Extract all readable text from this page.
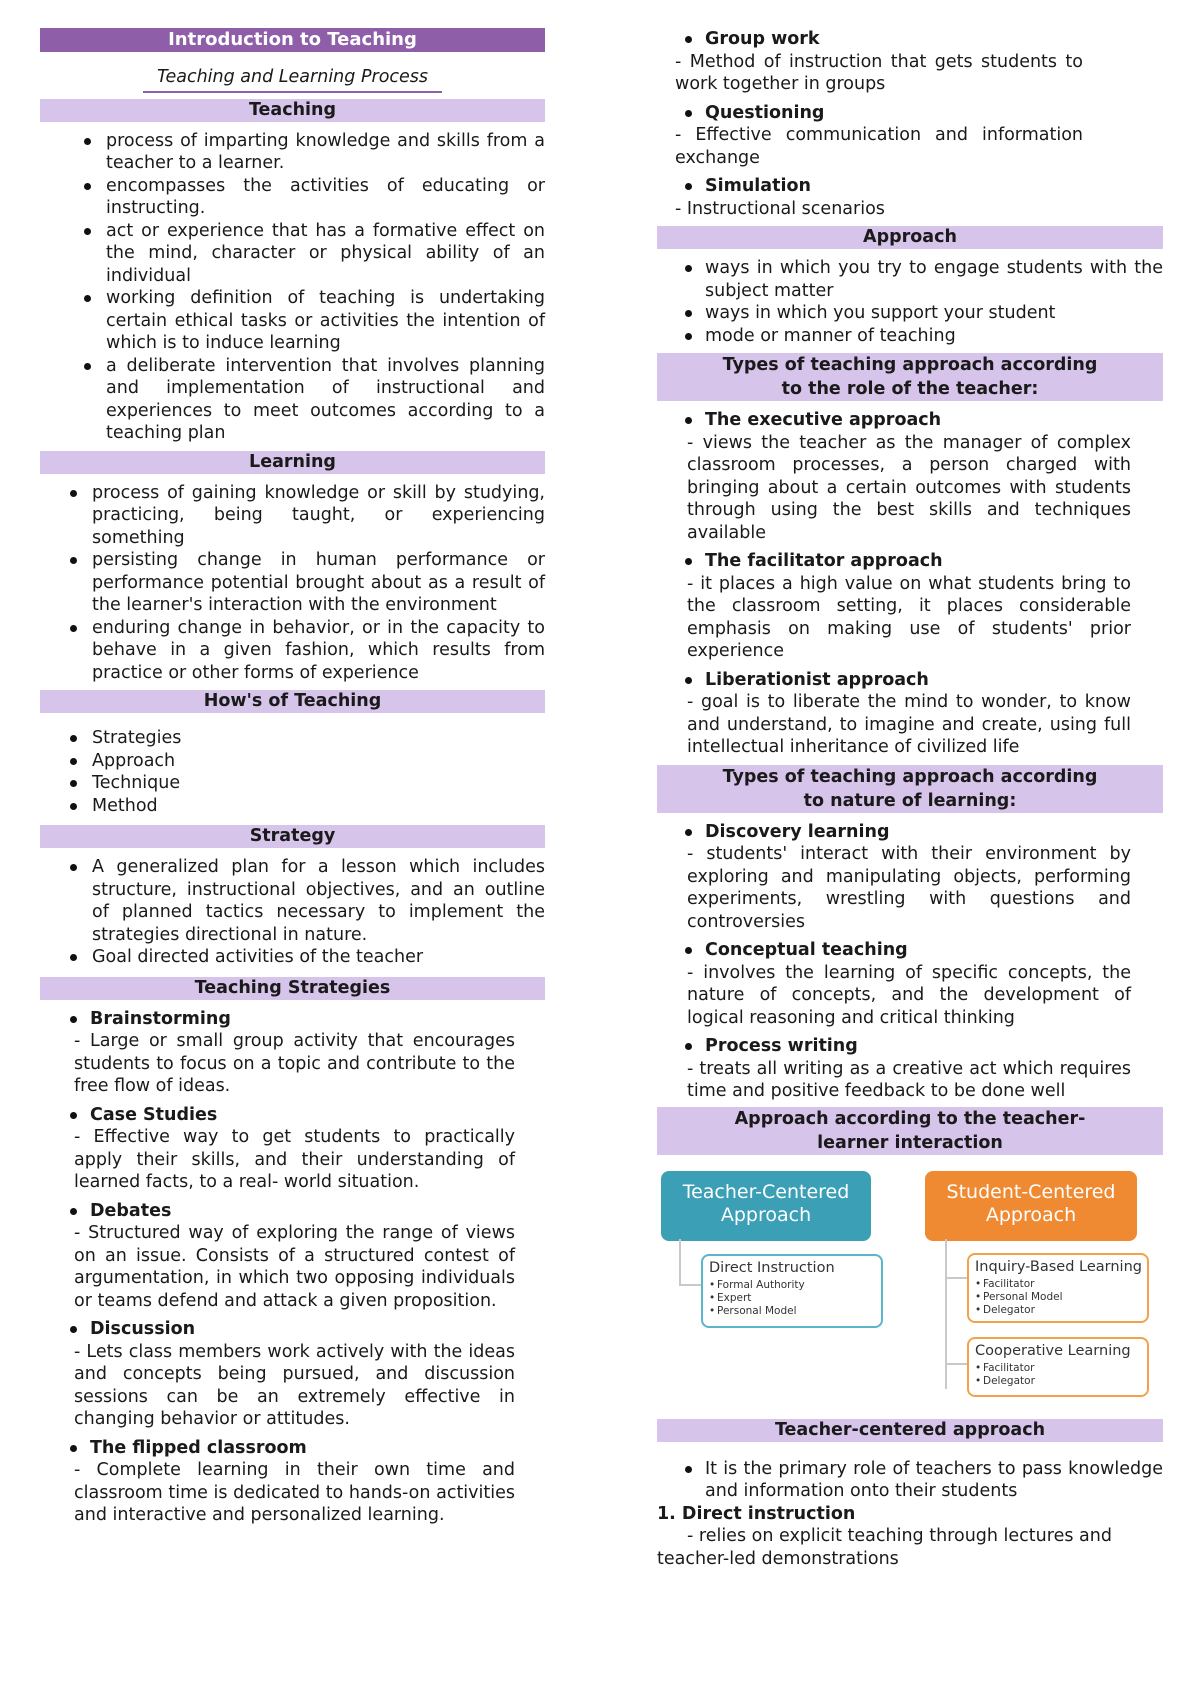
Introduction to Teaching
Teaching and Learning Process
Teaching
process of imparting knowledge and skills from a teacher to a learner.
encompasses the activities of educating or instructing.
act or experience that has a formative effect on the mind, character or physical ability of an individual
working definition of teaching is undertaking certain ethical tasks or activities the intention of which is to induce learning
a deliberate intervention that involves planning and implementation of instructional and experiences to meet outcomes according to a teaching plan
Learning
process of gaining knowledge or skill by studying, practicing, being taught, or experiencing something
persisting change in human performance or performance potential brought about as a result of the learner's interaction with the environment
enduring change in behavior, or in the capacity to behave in a given fashion, which results from practice or other forms of experience
How's of Teaching
Strategies
Approach
Technique
Method
Strategy
A generalized plan for a lesson which includes structure, instructional objectives, and an outline of planned tactics necessary to implement the strategies directional in nature.
Goal directed activities of the teacher
Teaching Strategies
Brainstorming
- Large or small group activity that encourages students to focus on a topic and contribute to the free flow of ideas.
Case Studies
- Effective way to get students to practically apply their skills, and their understanding of learned facts, to a real- world situation.
Debates
- Structured way of exploring the range of views on an issue. Consists of a structured contest of argumentation, in which two opposing individuals or teams defend and attack a given proposition.
Discussion
- Lets class members work actively with the ideas and concepts being pursued, and discussion sessions can be an extremely effective in changing behavior or attitudes.
The flipped classroom
- Complete learning in their own time and classroom time is dedicated to hands-on activities and interactive and personalized learning.
Group work
- Method of instruction that gets students to work together in groups
Questioning
- Effective communication and information exchange
Simulation
- Instructional scenarios
Approach
ways in which you try to engage students with the subject matter
ways in which you support your student
mode or manner of teaching
Types of teaching approach according to the role of the teacher:
The executive approach
- views the teacher as the manager of complex classroom processes, a person charged with bringing about a certain outcomes with students through using the best skills and techniques available
The facilitator approach
- it places a high value on what students bring to the classroom setting, it places considerable emphasis on making use of students' prior experience
Liberationist approach
- goal is to liberate the mind to wonder, to know and understand, to imagine and create, using full intellectual inheritance of civilized life
Types of teaching approach according to nature of learning:
Discovery learning
- students' interact with their environment by exploring and manipulating objects, performing experiments, wrestling with questions and controversies
Conceptual teaching
- involves the learning of specific concepts, the nature of concepts, and the development of logical reasoning and critical thinking
Process writing
- treats all writing as a creative act which requires time and positive feedback to be done well
Approach according to the teacher-learner interaction
Teacher-Centered Approach
Student-Centered Approach
Direct Instruction
• Formal Authority
• Expert
• Personal Model
Inquiry-Based Learning
• Facilitator
• Personal Model
• Delegator
Cooperative Learning
• Facilitator
• Delegator
Teacher-centered approach
It is the primary role of teachers to pass knowledge and information onto their students
1. Direct instruction
- relies on explicit teaching through lectures and teacher-led demonstrations
